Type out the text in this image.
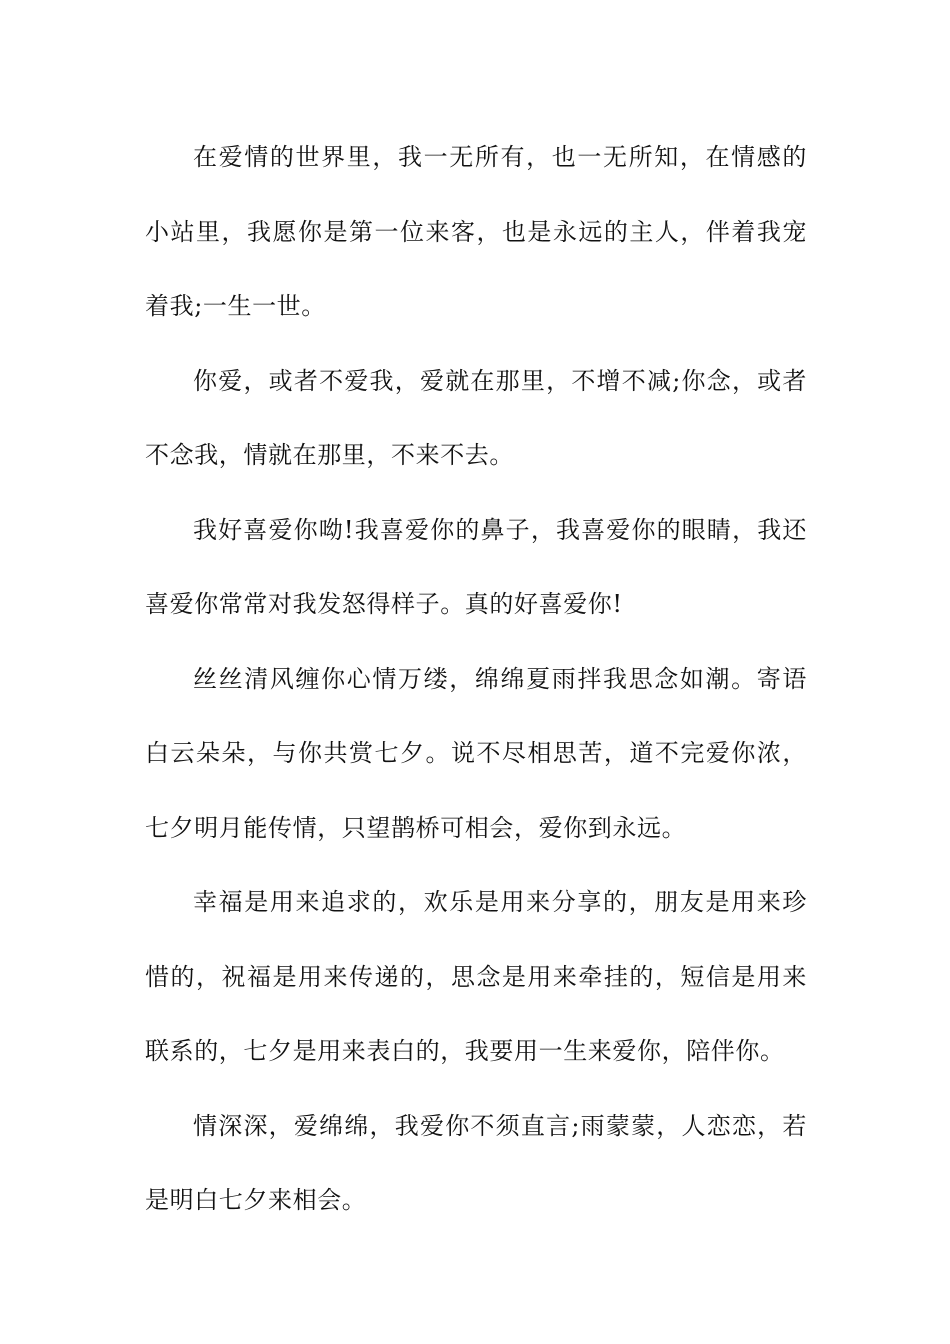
在爱情的世界里，我一无所有，也一无所知，在情感的小站里，我愿你是第一位来客，也是永远的主人，伴着我宠着我;一生一世。

你爱，或者不爱我，爱就在那里，不增不减;你念，或者不念我，情就在那里，不来不去。

我好喜爱你呦!我喜爱你的鼻子，我喜爱你的眼睛，我还喜爱你常常对我发怒得样子。真的好喜爱你!

丝丝清风缠你心情万缕，绵绵夏雨拌我思念如潮。寄语白云朵朵，与你共赏七夕。说不尽相思苦，道不完爱你浓，七夕明月能传情，只望鹊桥可相会，爱你到永远。

幸福是用来追求的，欢乐是用来分享的，朋友是用来珍惜的，祝福是用来传递的，思念是用来牵挂的，短信是用来联系的，七夕是用来表白的，我要用一生来爱你，陪伴你。

情深深，爱绵绵，我爱你不须直言;雨蒙蒙，人恋恋，若是明白七夕来相会。
